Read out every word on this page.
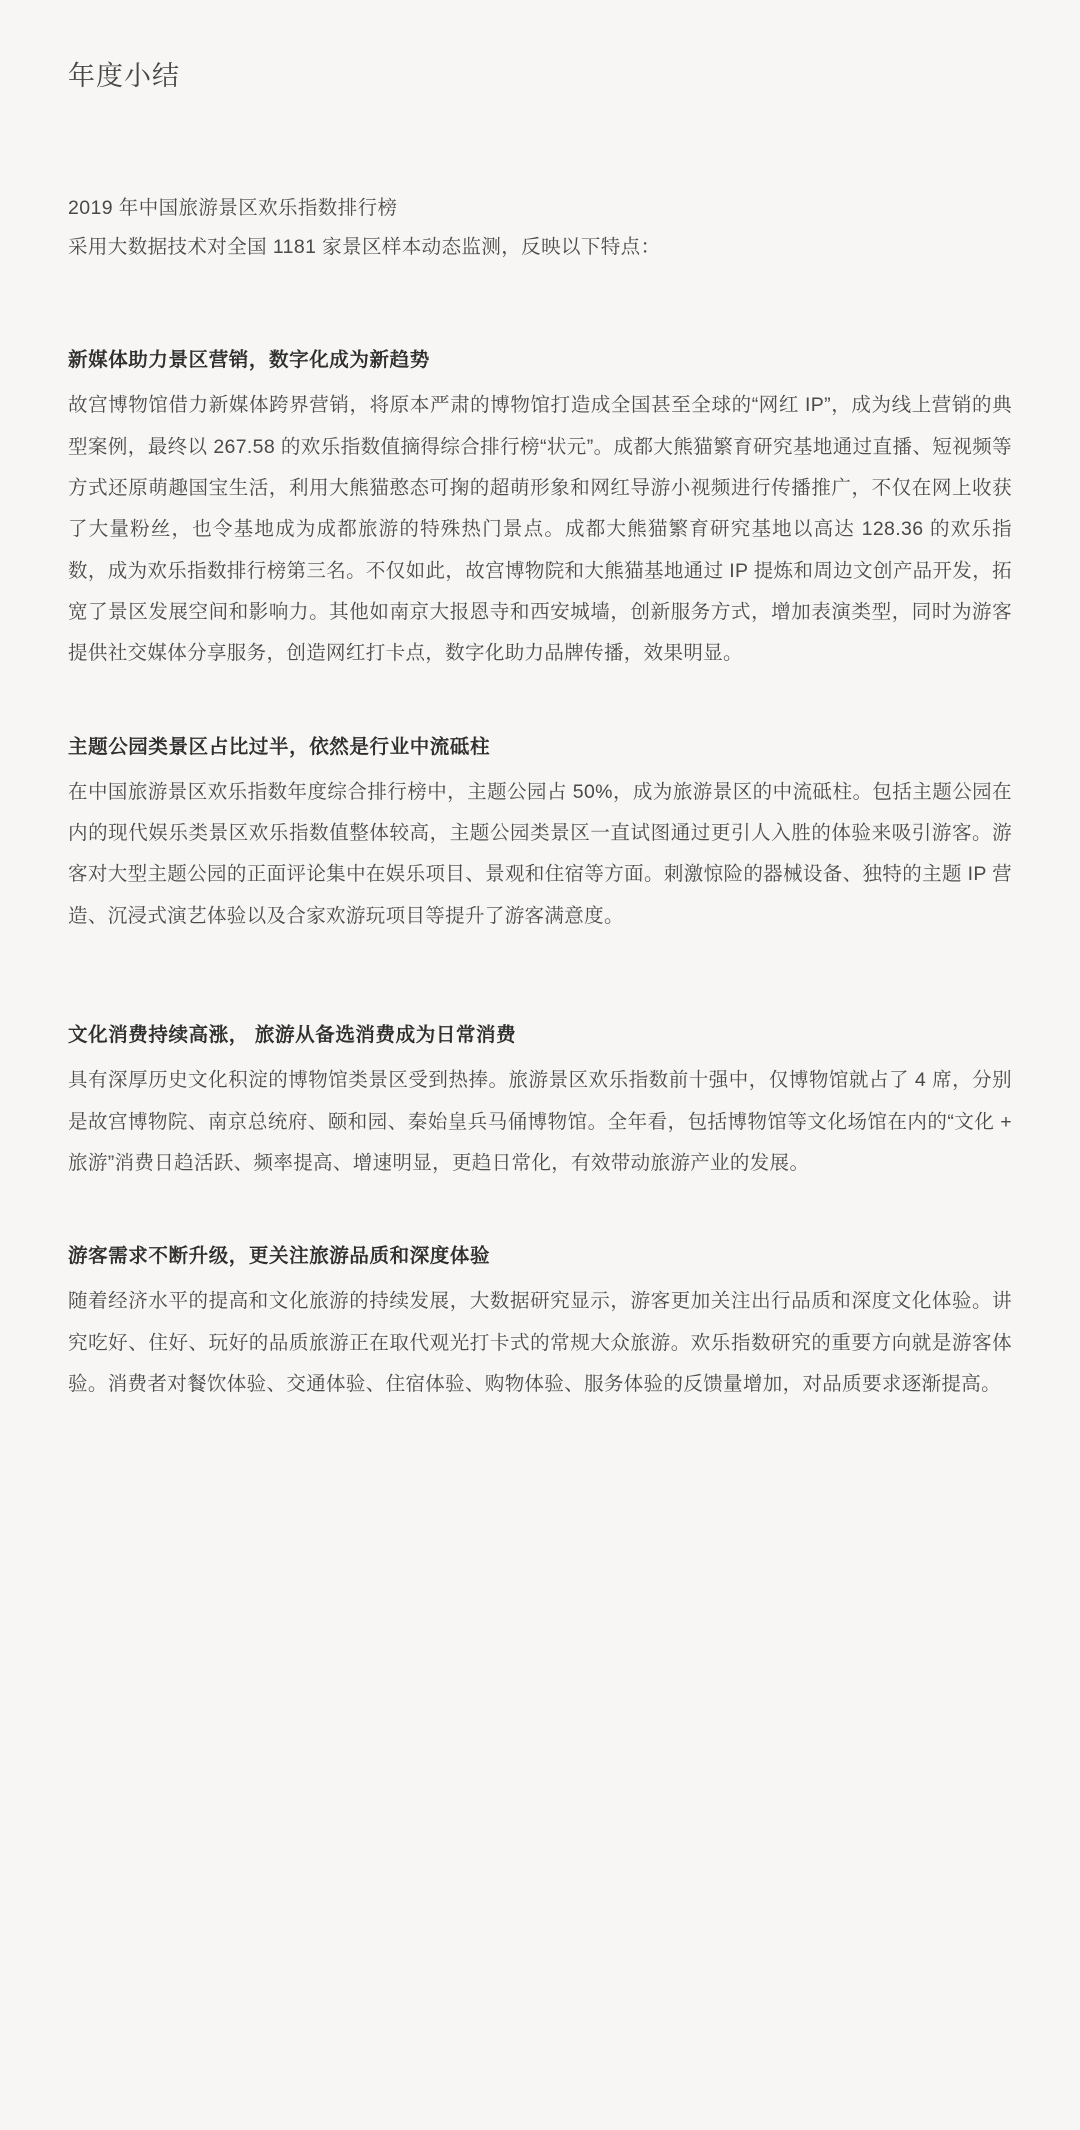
年度小结
2019 年中国旅游景区欢乐指数排行榜
采用大数据技术对全国 1181 家景区样本动态监测，反映以下特点：
新媒体助力景区营销，数字化成为新趋势
故宫博物馆借力新媒体跨界营销，将原本严肃的博物馆打造成全国甚至全球的“网红 IP”，成为线上营销的典型案例，最终以 267.58 的欢乐指数值摘得综合排行榜“状元”。成都大熊猫繁育研究基地通过直播、短视频等方式还原萌趣国宝生活，利用大熊猫憨态可掬的超萌形象和网红导游小视频进行传播推广，不仅在网上收获了大量粉丝，也令基地成为成都旅游的特殊热门景点。成都大熊猫繁育研究基地以高达 128.36 的欢乐指数，成为欢乐指数排行榜第三名。不仅如此，故宫博物院和大熊猫基地通过 IP 提炼和周边文创产品开发，拓宽了景区发展空间和影响力。其他如南京大报恩寺和西安城墙，创新服务方式，增加表演类型，同时为游客提供社交媒体分享服务，创造网红打卡点，数字化助力品牌传播，效果明显。
主题公园类景区占比过半，依然是行业中流砥柱
在中国旅游景区欢乐指数年度综合排行榜中，主题公园占 50%，成为旅游景区的中流砥柱。包括主题公园在内的现代娱乐类景区欢乐指数值整体较高，主题公园类景区一直试图通过更引人入胜的体验来吸引游客。游客对大型主题公园的正面评论集中在娱乐项目、景观和住宿等方面。刺激惊险的器械设备、独特的主题 IP 营造、沉浸式演艺体验以及合家欢游玩项目等提升了游客满意度。
文化消费持续高涨， 旅游从备选消费成为日常消费
具有深厚历史文化积淀的博物馆类景区受到热捧。旅游景区欢乐指数前十强中，仅博物馆就占了 4 席，分别是故宫博物院、南京总统府、颐和园、秦始皇兵马俑博物馆。全年看，包括博物馆等文化场馆在内的“文化 + 旅游”消费日趋活跃、频率提高、增速明显，更趋日常化，有效带动旅游产业的发展。
游客需求不断升级，更关注旅游品质和深度体验
随着经济水平的提高和文化旅游的持续发展，大数据研究显示，游客更加关注出行品质和深度文化体验。讲究吃好、住好、玩好的品质旅游正在取代观光打卡式的常规大众旅游。欢乐指数研究的重要方向就是游客体验。消费者对餐饮体验、交通体验、住宿体验、购物体验、服务体验的反馈量增加，对品质要求逐渐提高。
